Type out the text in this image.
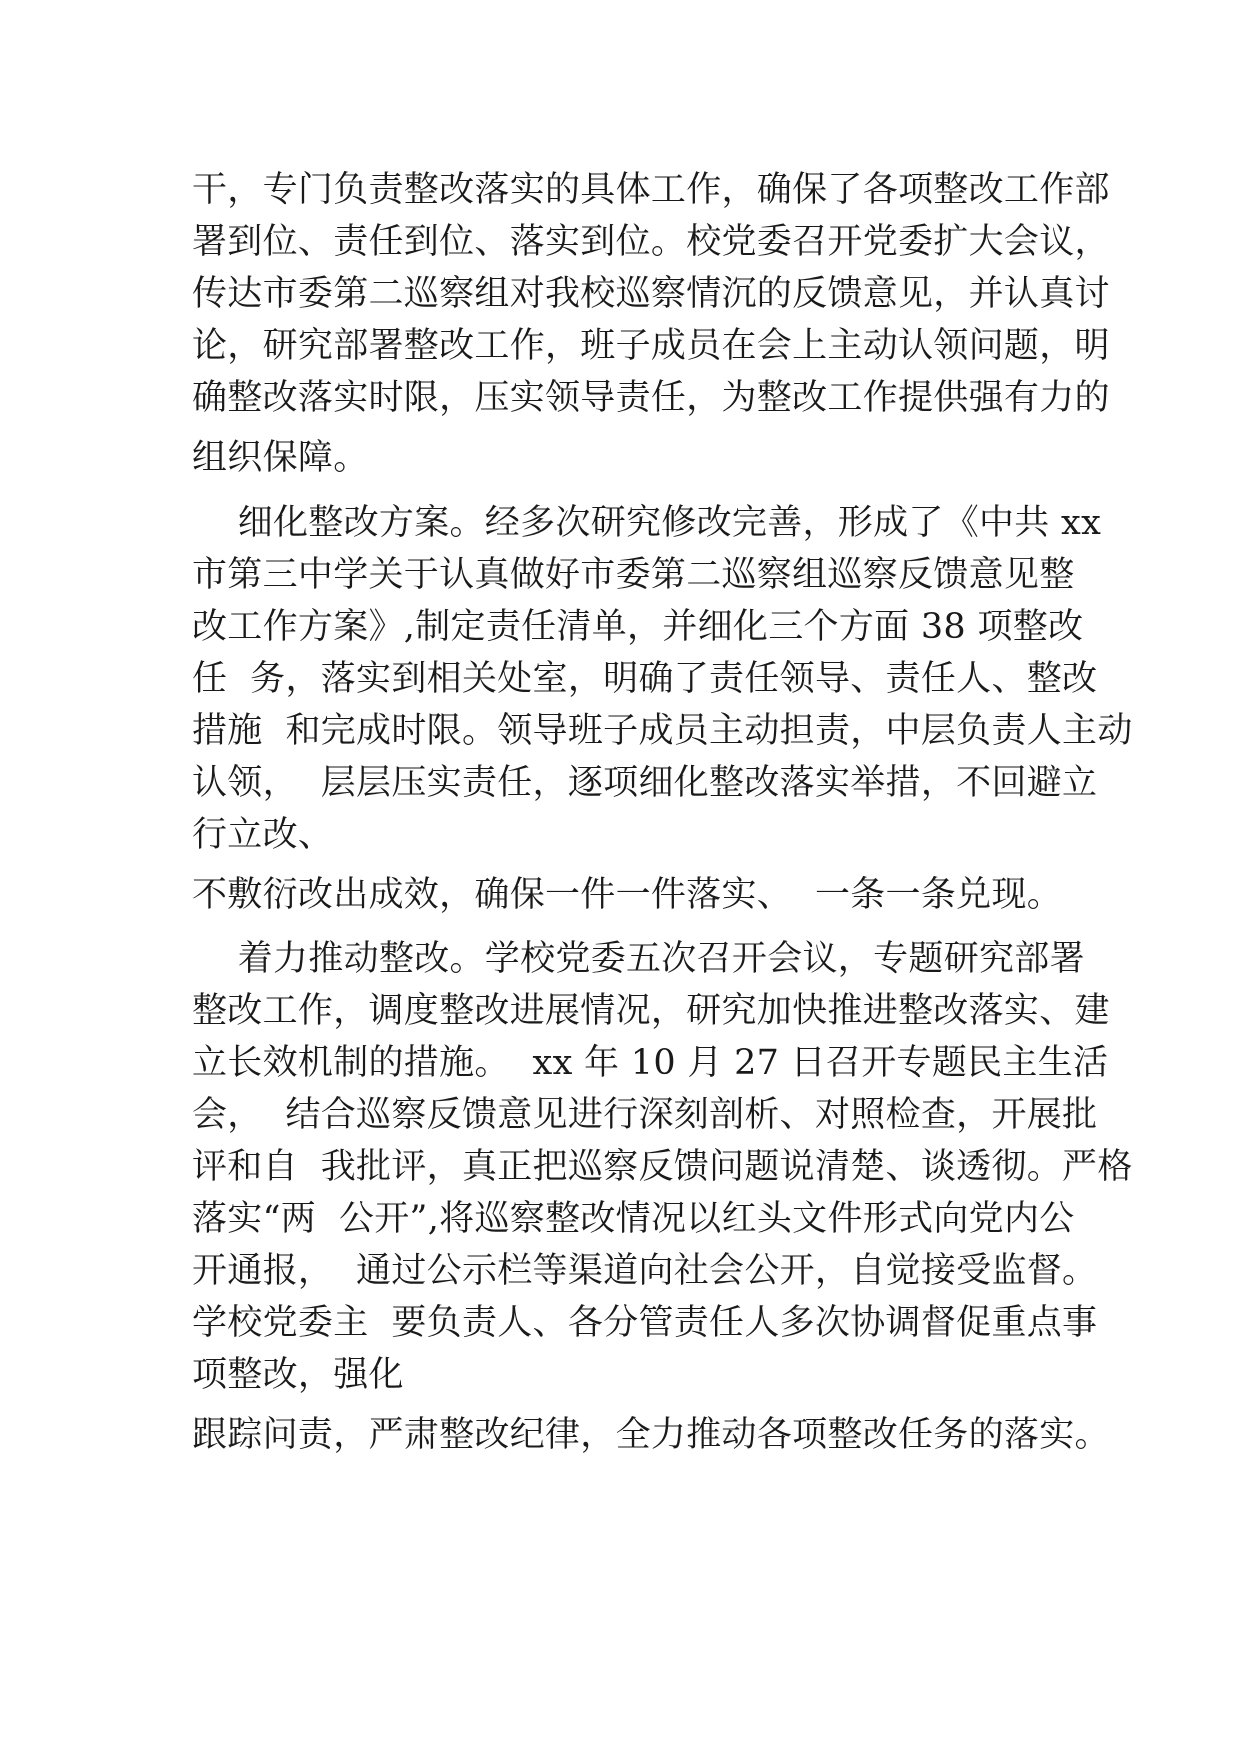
干，专门负责整改落实的具体工作，确保了各项整改工作部

署到位、责任到位、落实到位。校党委召开党委扩大会议，

传达市委第二巡察组对我校巡察情沉的反馈意见，并认真讨

论，研究部署整改工作，班子成员在会上主动认领问题，明

确整改落实时限，压实领导责任，为整改工作提供强有力的

组织保障。

细化整改方案。经多次研究修改完善，形成了《中共 xx

市第三中学关于认真做好市委第二巡察组巡察反馈意见整

改工作方案》,制定责任清单，并细化三个方面 38 项整改

任  务，落实到相关处室，明确了责任领导、责任人、整改

措施  和完成时限。领导班子成员主动担责，中层负责人主动

认领，  层层压实责任，逐项细化整改落实举措，不回避立

行立改、

不敷衍改出成效，确保一件一件落实、  一条一条兑现。

着力推动整改。学校党委五次召开会议，专题研究部署

整改工作，调度整改进展情况，研究加快推进整改落实、建

立长效机制的措施。  xx 年 10 月 27 日召开专题民主生活

会，  结合巡察反馈意见进行深刻剖析、对照检查，开展批

评和自  我批评，真正把巡察反馈问题说清楚、谈透彻。严格

落实“两  公开”,将巡察整改情况以红头文件形式向党内公

开通报，  通过公示栏等渠道向社会公开，自觉接受监督。

学校党委主  要负责人、各分管责任人多次协调督促重点事

项整改，强化

跟踪问责，严肃整改纪律，全力推动各项整改任务的落实。
